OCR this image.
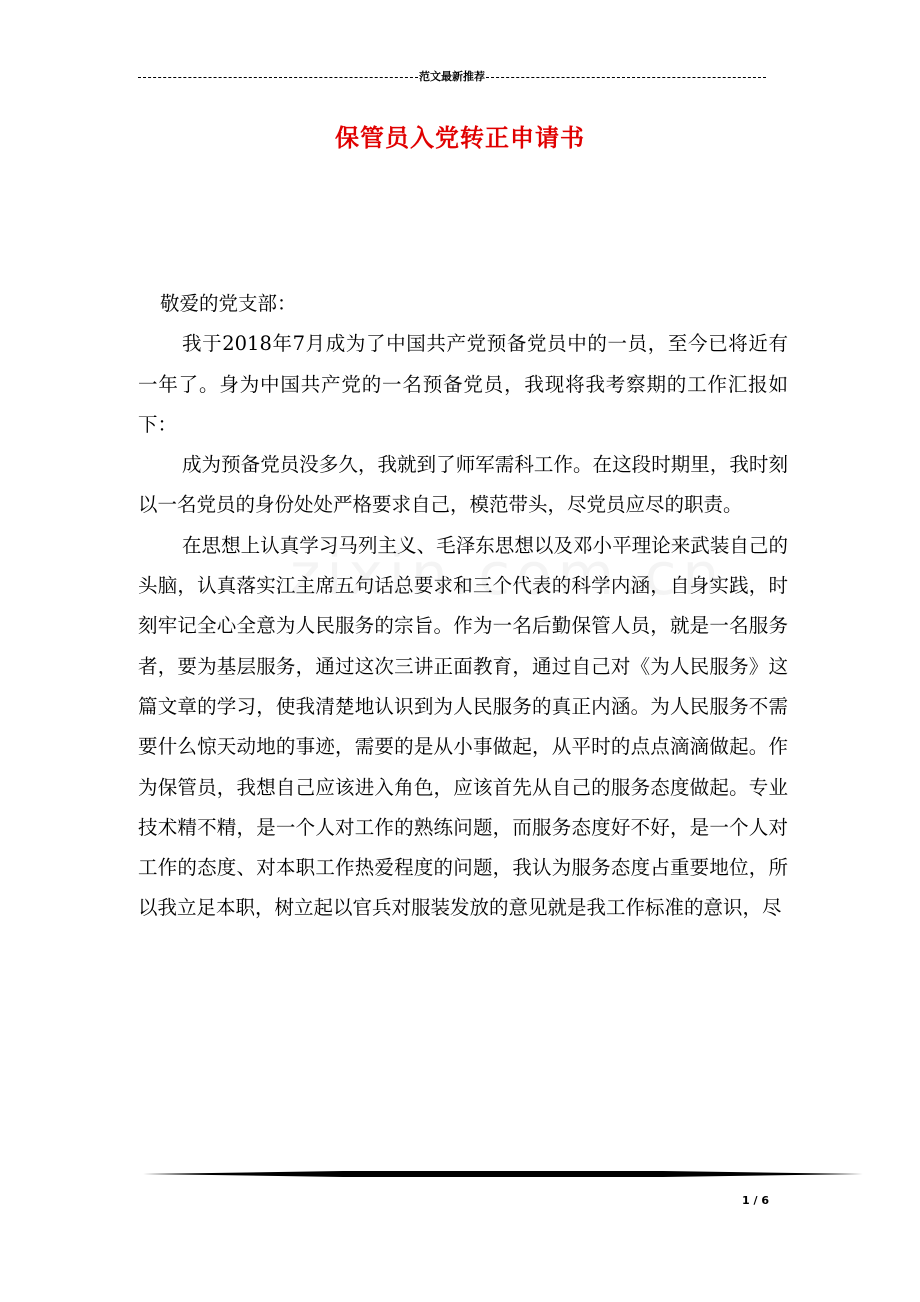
范文最新推荐
保管员入党转正申请书

敬爱的党支部：

我于2018年7月成为了中国共产党预备党员中的一员，至今已将近有一年了。身为中国共产党的一名预备党员，我现将我考察期的工作汇报如下：

成为预备党员没多久，我就到了师军需科工作。在这段时期里，我时刻以一名党员的身份处处严格要求自己，模范带头，尽党员应尽的职责。

在思想上认真学习马列主义、毛泽东思想以及邓小平理论来武装自己的头脑，认真落实江主席五句话总要求和三个代表的科学内涵，自身实践，时刻牢记全心全意为人民服务的宗旨。作为一名后勤保管人员，就是一名服务者，要为基层服务，通过这次三讲正面教育，通过自己对《为人民服务》这篇文章的学习，使我清楚地认识到为人民服务的真正内涵。为人民服务不需要什么惊天动地的事迹，需要的是从小事做起，从平时的点点滴滴做起。作为保管员，我想自己应该进入角色，应该首先从自己的服务态度做起。专业技术精不精，是一个人对工作的熟练问题，而服务态度好不好，是一个人对工作的态度、对本职工作热爱程度的问题，我认为服务态度占重要地位，所以我立足本职，树立起以官兵对服装发放的意见就是我工作标准的意识，尽

1 / 6
